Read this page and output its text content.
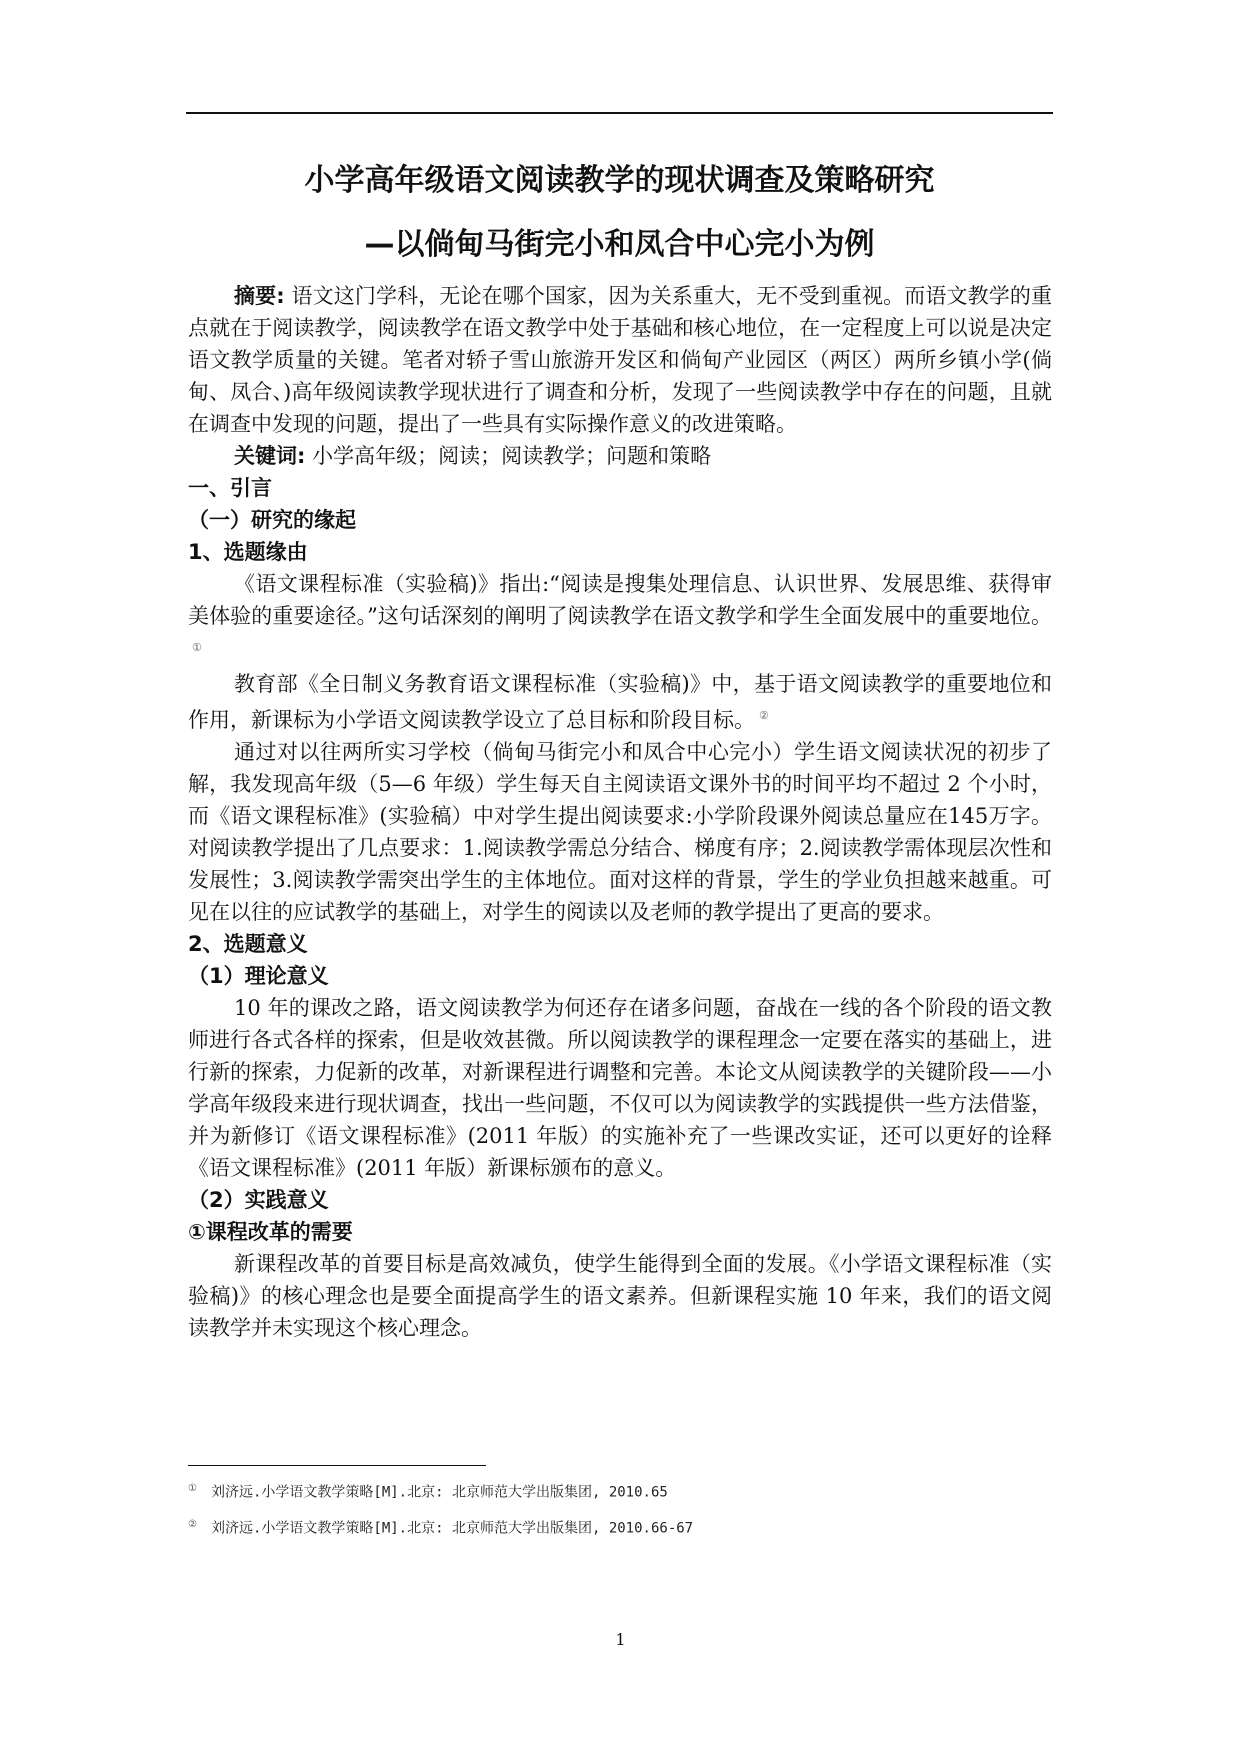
小学高年级语文阅读教学的现状调查及策略研究
—以倘甸马街完小和凤合中心完小为例

摘要: 语文这门学科，无论在哪个国家，因为关系重大，无不受到重视。而语文教学的重点就在于阅读教学，阅读教学在语文教学中处于基础和核心地位，在一定程度上可以说是决定语文教学质量的关键。笔者对轿子雪山旅游开发区和倘甸产业园区（两区）两所乡镇小学(倘甸、凤合、)高年级阅读教学现状进行了调查和分析，发现了一些阅读教学中存在的问题，且就在调查中发现的问题，提出了一些具有实际操作意义的改进策略。

关键词: 小学高年级；阅读；阅读教学；问题和策略

一、引言
（一）研究的缘起
1、选题缘由

《语文课程标准（实验稿)》指出:“阅读是搜集处理信息、认识世界、发展思维、获得审美体验的重要途径。”这句话深刻的阐明了阅读教学在语文教学和学生全面发展中的重要地位。①

教育部《全日制义务教育语文课程标准（实验稿)》中，基于语文阅读教学的重要地位和作用，新课标为小学语文阅读教学设立了总目标和阶段目标。 ②

通过对以往两所实习学校（倘甸马街完小和凤合中心完小）学生语文阅读状况的初步了解，我发现高年级（5—6 年级）学生每天自主阅读语文课外书的时间平均不超过 2 个小时，而《语文课程标准》(实验稿）中对学生提出阅读要求:小学阶段课外阅读总量应在145万字。对阅读教学提出了几点要求：1.阅读教学需总分结合、梯度有序；2.阅读教学需体现层次性和发展性；3.阅读教学需突出学生的主体地位。面对这样的背景，学生的学业负担越来越重。可见在以往的应试教学的基础上，对学生的阅读以及老师的教学提出了更高的要求。

2、选题意义
（1）理论意义

10 年的课改之路，语文阅读教学为何还存在诸多问题，奋战在一线的各个阶段的语文教师进行各式各样的探索，但是收效甚微。所以阅读教学的课程理念一定要在落实的基础上，进行新的探索，力促新的改革，对新课程进行调整和完善。本论文从阅读教学的关键阶段——小学高年级段来进行现状调查，找出一些问题，不仅可以为阅读教学的实践提供一些方法借鉴，并为新修订《语文课程标准》(2011 年版）的实施补充了一些课改实证，还可以更好的诠释《语文课程标准》(2011 年版）新课标颁布的意义。

（2）实践意义
①课程改革的需要

新课程改革的首要目标是高效减负，使学生能得到全面的发展。《小学语文课程标准（实验稿)》的核心理念也是要全面提高学生的语文素养。但新课程实施 10 年来，我们的语文阅读教学并未实现这个核心理念。

① 刘济远.小学语文教学策略[M].北京: 北京师范大学出版集团, 2010.65

② 刘济远.小学语文教学策略[M].北京: 北京师范大学出版集团, 2010.66-67

1
